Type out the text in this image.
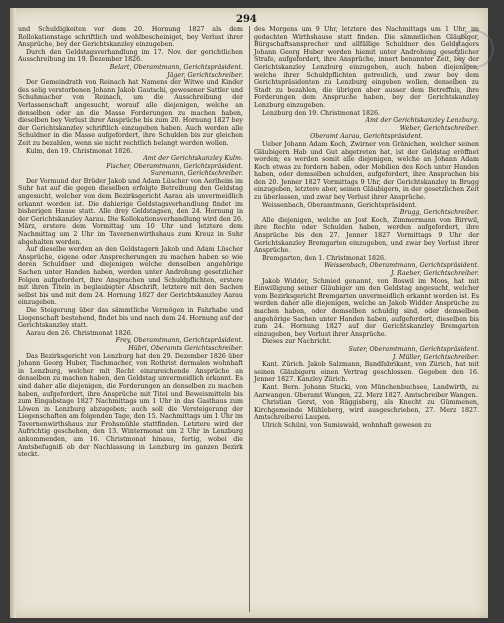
294

und Schuldigkeiten vor dem 20. Hornung 1827 als dem Rollokationstage schriftlich und wohlbescheiniget, bey Verlust ihrer Ansprüche, bey der Gerichtskanzley einzugeben.

Durch den Geldstagsverhandlung im 17. Nov. der gerichtlichen Ausschreibung im 19. Dezember 1826.

Belart, Oberamtmann, Gerichtspräsident.
Jäger, Gerichtschreiber.

Der Gemeindrath von Reinach hat Namens der Witwe und Kinder des selig verstorbenen Johann Jakob Gautschi, gewesener Sattler und Schuhmacher von Reinach, um die Ausschreibung der Verlassenschaft angesucht, worauf alle diejenigen, welche an denselben oder an die Masse Forderungen zu machen haben, dieselben bey Verlust ihrer Ansprüche bis zum 20. Hornung 1827 bey der Gerichtskanzley schriftlich einzugeben haben. Auch werden alle Schuldner in die Masse aufgefordert, ihre Schulden bis zur gleichen Zeit zu bezahlen, wenn sie nicht rechtlich belangt werden wollen.

Kulm, den 19. Christmonat 1826.

Amt der Gerichtskanzley Kulm.
Fischer, Oberamtmann, Gerichtspräsident.
Suremann, Gerichtschreiber.

Der Vormund der Brüder Jakob und Adam Lüscher von Aerlheim im Suhr hat auf die gegen dieselben erfolgte Betreibung den Geldstag angesucht, welcher von dem Bezirksgericht Aarau als unvermeidlich erkannt worden ist. Die dahierige Geldstagsverhandlung findet im bisherigen Hause statt. Alle drey Geldstagsen, den 24. Hornung in der Gerichtskanzley Aarau. Die Kollokationsverhandlung wird den 26. März, erstere dem Vormittag um 10 Uhr und letztere dem Nachmittag um 2 Uhr im Tavernenwirthshaus zum Kreuz in Suhr abgehalten werden.

Auf dieselbe werden an den Geldstagern Jakob und Adam Lüscher Ansprüche, eigene oder Ansprecherungen zu machen haben so wie deren Schuldner und diejenigen welche denselben angehörige Sachen unter Handen haben, werden unter Androhung gesetzlicher Folgen aufgefordert, ihre Ansprachen und Schuldpflichten, erstere mit ihren Titeln in beglaubigter Abschrift, letztere mit den Sachen selbst bis und mit dem 24. Hornung 1827 der Gerichtskanzley Aarau einzugeben.

Die Steigerung über das sämmtliche Vermögen in Fahrhabe und Liegenschaft bestehend, findet bis und nach dem 24. Hornung auf der Gerichtskanzley statt.

Aarau den 26. Christmonat 1826.

Frey, Oberamtmann, Gerichtspräsident.
Hübri, Oberamts Gerichtsschreiber.

Das Bezirksgericht von Lenzburg hat den 29. Dezember 1826 über Johann Georg Huber, Tischmacher, von Rothrist dermalen wohnhaft in Lenzburg, welcher mit Recht einzureichende Ansprüche an denselben zu machen haben, den Geldstag unvermeidlich erkannt. Es sind daher alle diejenigen, die Forderungen an denselben zu machen haben, aufgefordert, ihre Ansprüche mit Titel und Beweismitteln bis zum Eingabstage 1827 Nachmittags um 1 Uhr in das Gasthaus zum Löwen in Lenzburg abzugeben; auch soll die Versteigerung der Liegenschaften am folgenden Tage, den 15. Nachmittags um 1 Uhr im Tavernenwirthshaus zur Frohsmühle stattfinden. Letztere wird der Aufrichtig geschehen, den 13. Wintermonat um 2 Uhr in Lenzburg ankommenden, am 16. Christmonat hinaus, fertig, wobei die Amtsbefugniß ob der Nachlassung in Lenzburg im ganzen Bezirk steckt.

des Morgens um 9 Uhr, letztere des Nachmittags um 1 Uhr, im gedachten Wirthshause statt finden. Die sämmtlichen Gläubiger, Bürgschaftsansprecher und allfällige Schuldner des Geldstagers Johann Georg Huber werden hiemit unter Androhung gesetzlicher Strafe, aufgefordert, ihre Ansprüche, innert benannter Zeit, bey der Gerichtskanzley Lenzburg einzugeben, auch haben diejenigen, welche ihrer Schuldpflichten getreulich, und zwar bey dem Gerichtspräsidenten zu Lenzburg eingeben wollen, denselben zu Stadt zu bezahlen, die übrigen aber ausser dem Betreffnis, ihre Forderungen dem Anspruche haben, bey der Gerichtskanzley Lenzburg einzugeben.

Lenzburg den 19. Christmonat 1826.

Amt der Gerichtskanzley Lenzburg.
Weber, Gerichtschreiber.
Oberamt Aarau, Gerichtspräsident.

Ueber Johann Adam Koch, Zwirner von Gränichen, welcher seinen Gläubigern Hab und Gut abgetreten hat, ist der Geldstag eröffnet worden; es werden somit alle diejenigen, welche an Johann Adam Koch etwas zu fordern haben, oder Mobilien des Koch unter Handen haben, oder demselben schulden, aufgefordert, ihre Ansprachen bis den 20. Jenner 1827 Vormittags 9 Uhr, der Gerichtskanzley in Brugg einzugeben, letztere aber, seinen Gläubigern, in der gesetzlichen Zeit zu überlassen, und zwar bey Verlust ihrer Ansprüche.

Weissenbach, Oberamtmann, Gerichtspräsident.

Brugg, Gerichtschreiber.

Alle diejenigen, welche an Jost Koch, Zimmermann von Birrwil, ihre Rechte oder Schulden haben, werden aufgefordert, ihre Ansprüche bis den 27. Jenner 1827 Vormittags 9 Uhr der Gerichtskanzley Bremgarten einzugeben, und zwar bey Verlust ihrer Ansprüche.

Bremgarten, den 1. Christmonat 1826.

Weissenbach, Oberamtmann, Gerichtspräsident.
J. Raeber, Gerichtschreiber.

Jakob Widder, Schmied genannt, von Boswil im Moos, hat mit Einwilligung seiner Gläubiger um den Geldstag angesucht, welcher vom Bezirksgericht Bremgarten unvermeidlich erkannt worden ist. Es werden daher alle diejenigen, welche an Jakob Widder Ansprüche zu machen haben, oder demselben schuldig sind, oder demselben angehörige Sachen unter Handen haben, aufgefordert, dieselben bis zum 24. Hornung 1827 auf der Gerichtskanzley Bremgarten einzugeben, bey Verlust ihrer Ansprüche.

Dieses zur Nachricht.

Suter, Oberamtmann, Gerichtspräsident.
J. Müller, Gerichtschreiber.

Kant. Zürich. Jakob Salzmann, Bandfabrikant, von Zürich, hat mit seinen Gläubigern einen Vertrag geschlossen. Gegeben den 16. Jenner 1827. Kanzley Zürich.

Kant. Bern. Johann Stucki, von Münchenbuchsee, Landwirth, zu Aarwangen. Oberamt Wangen, 22. Merz 1827. Amtschreiber Wangen.

Christian Gerst, von Rüggisberg, als Knecht zu Gümmenen, Kirchgemeinde Mühleberg, wird ausgeschrieben, 27. Merz 1827. Amtschreiberei Laupen.

Ulrich Schüni, von Sumiswald, wohnhaft gewesen zu
